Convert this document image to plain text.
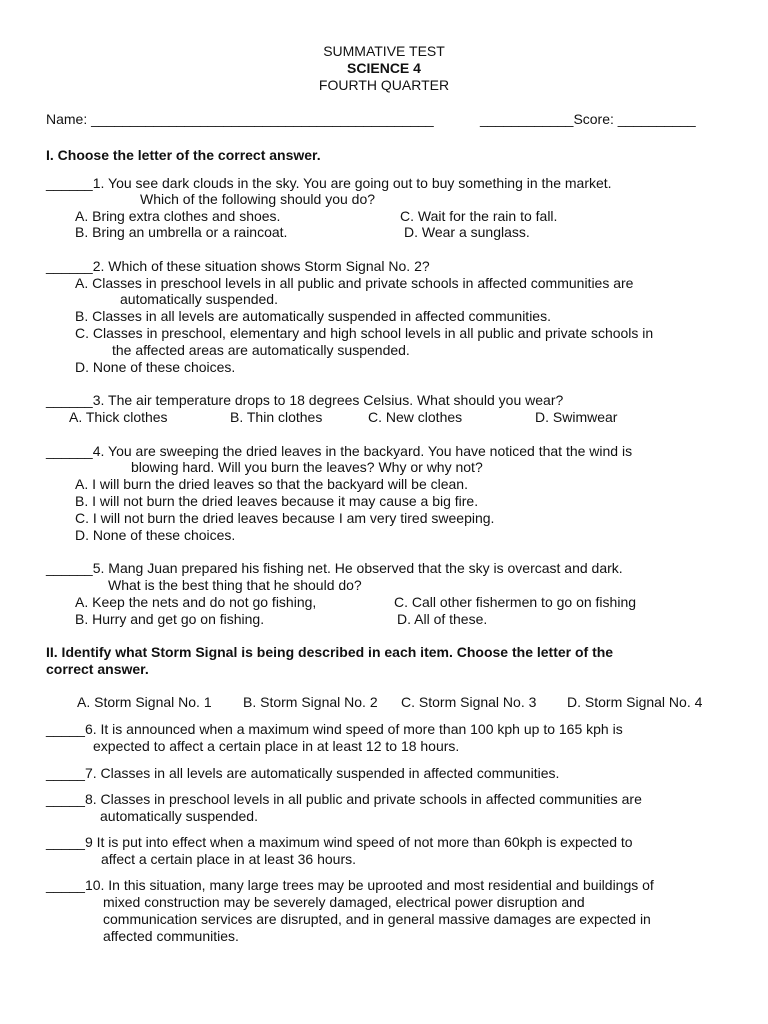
SUMMATIVE TEST
SCIENCE 4
FOURTH QUARTER
Name: ____________________________________________	____________Score: __________
I. Choose the letter of the correct answer.
______1. You see dark clouds in the sky. You are going out to buy something in the market.
Which of the following should you do?
A. Bring extra clothes and shoes.	C. Wait for the rain to fall.
B. Bring an umbrella or a raincoat.	D. Wear a sunglass.
______2. Which of these situation shows Storm Signal No. 2?
A. Classes in preschool levels in all public and private schools in affected communities are
automatically suspended.
B. Classes in all levels are automatically suspended in affected communities.
C. Classes in preschool, elementary and high school levels in all public and private schools in
the affected areas are automatically suspended.
D. None of these choices.
______3. The air temperature drops to 18 degrees Celsius. What should you wear?
A. Thick clothes	B. Thin clothes	C. New clothes	D. Swimwear
______4. You are sweeping the dried leaves in the backyard. You have noticed that the wind is
blowing hard. Will you burn the leaves? Why or why not?
A. I will burn the dried leaves so that the backyard will be clean.
B. I will not burn the dried leaves because it may cause a big fire.
C. I will not burn the dried leaves because I am very tired sweeping.
D. None of these choices.
______5. Mang Juan prepared his fishing net. He observed that the sky is overcast and dark.
What is the best thing that he should do?
A. Keep the nets and do not go fishing,	C. Call other fishermen to go on fishing
B. Hurry and get go on fishing.	D. All of these.
II. Identify what Storm Signal is being described in each item. Choose the letter of the
correct answer.
A. Storm Signal No. 1 B. Storm Signal No. 2 C. Storm Signal No. 3 D. Storm Signal No. 4
_____6. It is announced when a maximum wind speed of more than 100 kph up to 165 kph is
expected to affect a certain place in at least 12 to 18 hours.
_____7. Classes in all levels are automatically suspended in affected communities.
_____8. Classes in preschool levels in all public and private schools in affected communities are
automatically suspended.
_____9 It is put into effect when a maximum wind speed of not more than 60kph is expected to
affect a certain place in at least 36 hours.
_____10. In this situation, many large trees may be uprooted and most residential and buildings of
mixed construction may be severely damaged, electrical power disruption and
communication services are disrupted, and in general massive damages are expected in
affected communities.
